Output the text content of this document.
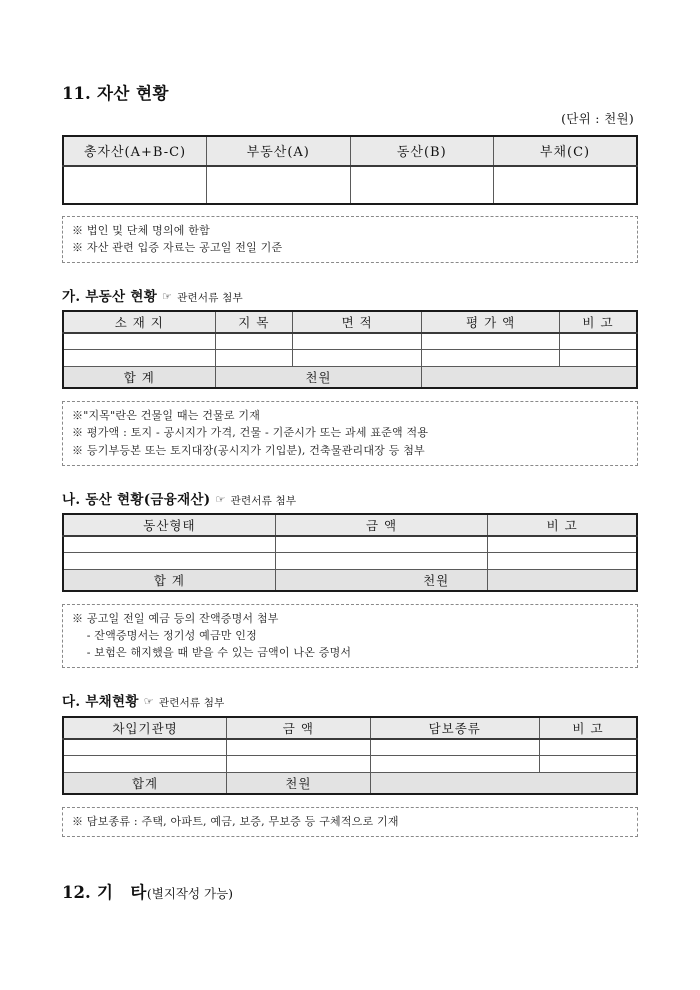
11. 자산 현황
(단위 : 천원)
총자산(A+B-C)	부동산(A)	동산(B)	부채(C)

※ 법인 및 단체 명의에 한함
※ 자산 관련 입증 자료는 공고일 전일 기준
가. 부동산 현황 ☞ 관련서류 첨부
소 재 지	지 목	면 적	평 가 액	비 고

합 계	천원			
※"지목"란은 건물일 때는 건물로 기재
※ 평가액 : 토지 - 공시지가 가격, 건물 - 기준시가 또는 과세 표준액 적용
※ 등기부등본 또는 토지대장(공시지가 기입분), 건축물관리대장 등 첨부
나. 동산 현황(금융재산) ☞ 관련서류 첨부
동산형태	금 액	비 고

합 계	천원	
※ 공고일 전일 예금 등의 잔액증명서 첨부
- 잔액증명서는 정기성 예금만 인정
- 보험은 해지했을 때 받을 수 있는 금액이 나온 증명서
다. 부채현황 ☞ 관련서류 첨부
차입기관명	금 액	담보종류	비 고

합계	천원		
※ 담보종류 : 주택, 아파트, 예금, 보증, 무보증 등 구체적으로 기재
12. 기 타(별지작성 가능)
